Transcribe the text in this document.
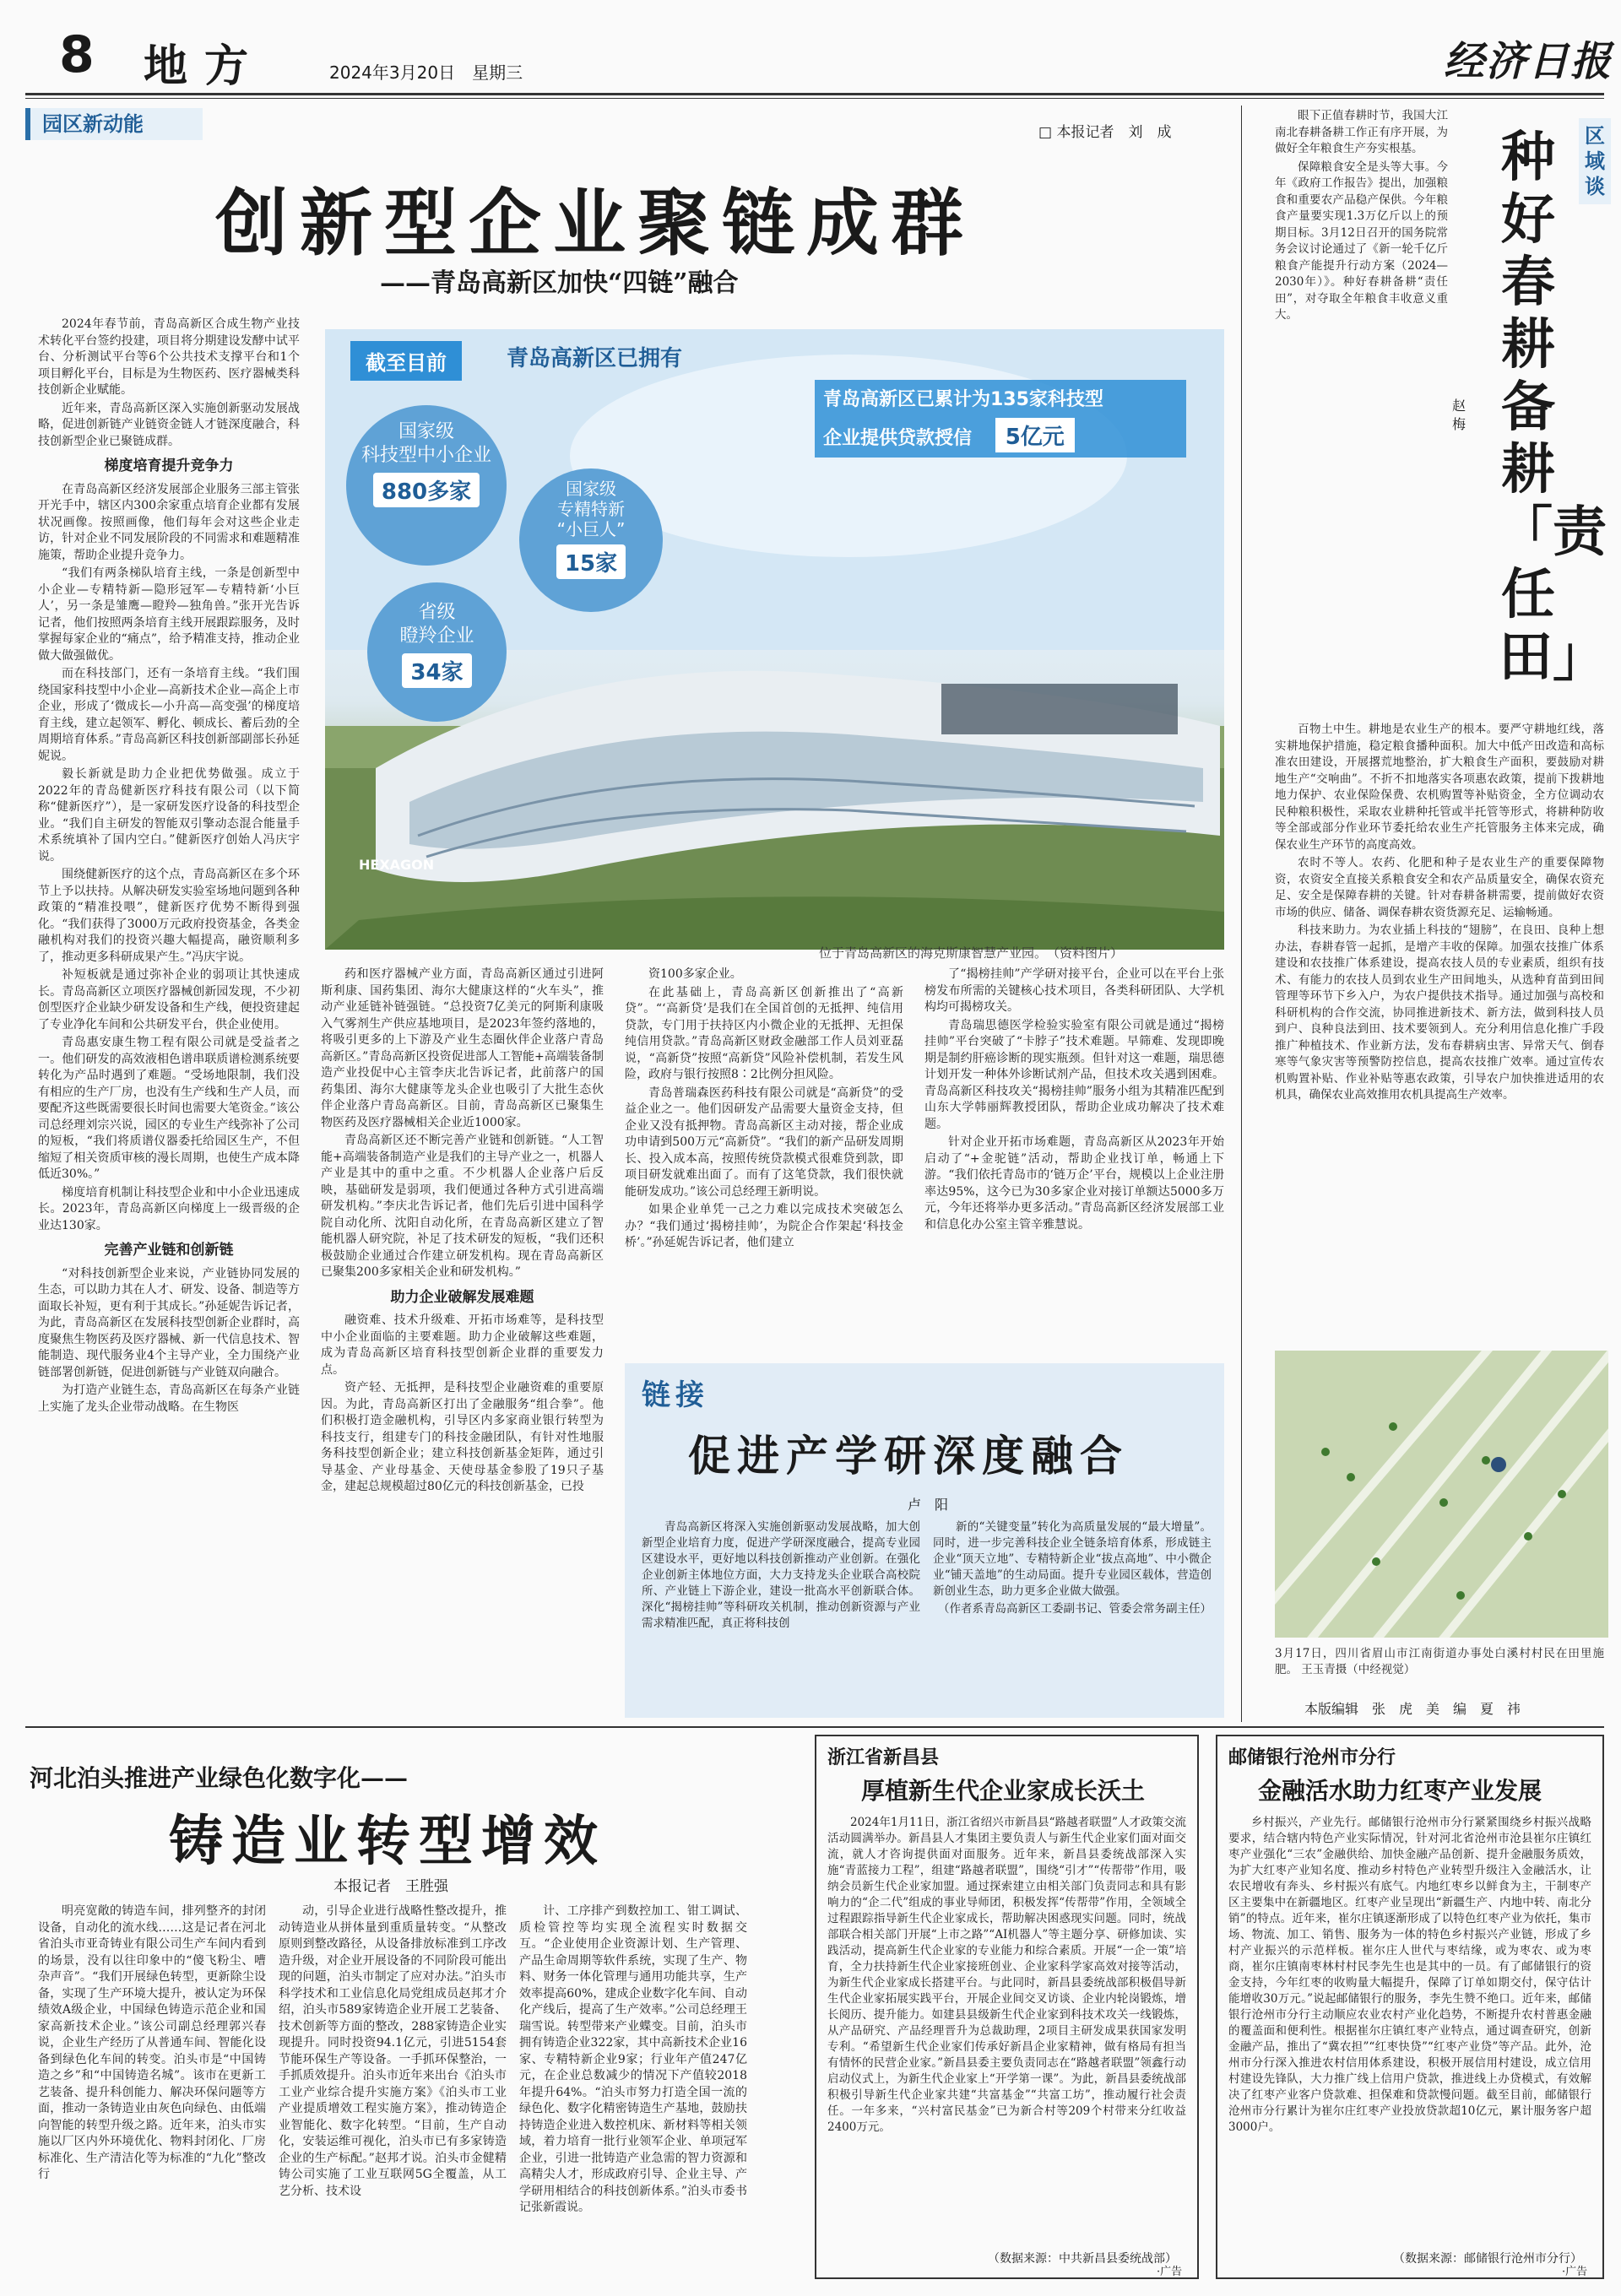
8 地方	2024年3月20日　星期三	经济日报
园区新动能	□ 本报记者　刘　成
创新型企业聚链成群
——青岛高新区加快“四链”融合

2024年春节前，青岛高新区合成生物产业技术转化平台签约投建，项目将分期建设发酵中试平台、分析测试平台等6个公共技术支撑平台和1个项目孵化平台，目标是为生物医药、医疗器械类科技创新企业赋能。

近年来，青岛高新区深入实施创新驱动发展战略，促进创新链产业链资金链人才链深度融合，科技创新型企业已聚链成群。

梯度培育提升竞争力

在青岛高新区经济发展部企业服务三部主管张开光手中，辖区内300余家重点培育企业都有发展状况画像。按照画像，他们每年会对这些企业走访，针对企业不同发展阶段的不同需求和难题精准施策，帮助企业提升竞争力。

“我们有两条梯队培育主线，一条是创新型中小企业—专精特新—隐形冠军—专精特新‘小巨人’，另一条是雏鹰—瞪羚—独角兽。”张开光告诉记者，他们按照两条培育主线开展跟踪服务，及时掌握每家企业的“痛点”，给予精准支持，推动企业做大做强做优。

而在科技部门，还有一条培育主线。“我们围绕国家科技型中小企业—高新技术企业—高企上市企业，形成了‘微成长—小升高—高变强’的梯度培育主线，建立起领军、孵化、顿成长、蓄后劲的全周期培育体系。”青岛高新区科技创新部副部长孙延妮说。

毅长新就是助力企业把优势做强。成立于2022年的青岛健新医疗科技有限公司（以下简称“健新医疗”），是一家研发医疗设备的科技型企业。“我们自主研发的智能双引擎动态混合能量手术系统填补了国内空白。”健新医疗创始人冯庆宇说。

围绕健新医疗的这个点，青岛高新区在多个环节上予以扶持。从解决研发实验室场地问题到各种政策的“精准投喂”，健新医疗优势不断得到强化。“我们获得了3000万元政府投资基金，各类金融机构对我们的投资兴趣大幅提高，融资顺利多了，推动更多科研成果产生。”冯庆宇说。

补短板就是通过弥补企业的弱项让其快速成长。青岛高新区立项医疗器械创新园发现，不少初创型医疗企业缺少研发设备和生产线，便投资建起了专业净化车间和公共研发平台，供企业使用。

青岛惠安康生物工程有限公司就是受益者之一。他们研发的高效液相色谱串联质谱检测系统要转化为产品时遇到了难题。“受场地限制，我们没有相应的生产厂房，也没有生产线和生产人员，而要配齐这些既需要很长时间也需要大笔资金。”该公司总经理刘宗兴说，园区的专业生产线弥补了公司的短板，“我们将质谱仪器委托给园区生产，不但缩短了相关资质审核的漫长周期，也使生产成本降低近30%。”

梯度培育机制让科技型企业和中小企业迅速成长。2023年，青岛高新区向梯度上一级晋级的企业达130家。

完善产业链和创新链

“对科技创新型企业来说，产业链协同发展的生态，可以助力其在人才、研发、设备、制造等方面取长补短，更有利于其成长。”孙延妮告诉记者，为此，青岛高新区在发展科技型创新企业群时，高度聚焦生物医药及医疗器械、新一代信息技术、智能制造、现代服务业4个主导产业，全力围绕产业链部署创新链，促进创新链与产业链双向融合。

为打造产业链生态，青岛高新区在每条产业链上实施了龙头企业带动战略。在生物医

截至目前	青岛高新区已拥有
国家级
科技型中小企业
880多家	国家级
专精特新
“小巨人”
15家
省级
瞪羚企业
34家
青岛高新区已累计为135家科技型
企业提供贷款授信 5亿元
HEXAGON
位于青岛高新区的海克斯康智慧产业园。　（资料图片）

药和医疗器械产业方面，青岛高新区通过引进阿斯利康、国药集团、海尔大健康这样的“火车头”，推动产业延链补链强链。“总投资7亿美元的阿斯利康吸入气雾剂生产供应基地项目，是2023年签约落地的，将吸引更多的上下游及产业生态圈伙伴企业落户青岛高新区。”青岛高新区投资促进部人工智能+高端装备制造产业投促中心主管李庆北告诉记者，此前落户的国药集团、海尔大健康等龙头企业也吸引了大批生态伙伴企业落户青岛高新区。目前，青岛高新区已聚集生物医药及医疗器械相关企业近1000家。

青岛高新区还不断完善产业链和创新链。“人工智能+高端装备制造产业是我们的主导产业之一，机器人产业是其中的重中之重。不少机器人企业落户后反映，基础研发是弱项，我们便通过各种方式引进高端研发机构。”李庆北告诉记者，他们先后引进中国科学院自动化所、沈阳自动化所，在青岛高新区建立了智能机器人研究院，补足了技术研发的短板，“我们还积极鼓励企业通过合作建立研发机构。现在青岛高新区已聚集200多家相关企业和研发机构。”

助力企业破解发展难题

融资难、技术升级难、开拓市场难等，是科技型中小企业面临的主要难题。助力企业破解这些难题，成为青岛高新区培育科技型创新企业群的重要发力点。

资产轻、无抵押，是科技型企业融资难的重要原因。为此，青岛高新区打出了金融服务“组合拳”。他们积极打造金融机构，引导区内多家商业银行转型为科技支行，组建专门的科技金融团队，有针对性地服务科技型创新企业；建立科技创新基金矩阵，通过引导基金、产业母基金、天使母基金参股了19只子基金，建起总规模超过80亿元的科技创新基金，已投

资100多家企业。

在此基础上，青岛高新区创新推出了“高新贷”。“‘高新贷’是我们在全国首创的无抵押、纯信用贷款，专门用于扶持区内小微企业的无抵押、无担保纯信用贷款。”青岛高新区财政金融部工作人员刘亚磊说，“高新贷”按照“高新贷”风险补偿机制，若发生风险，政府与银行按照8∶2比例分担风险。

青岛普瑞森医药科技有限公司就是“高新贷”的受益企业之一。他们因研发产品需要大量资金支持，但企业又没有抵押物。青岛高新区主动对接，帮企业成功申请到500万元“高新贷”。“我们的新产品研发周期长、投入成本高，按照传统贷款模式很难贷到款，即项目研发就难出面了。而有了这笔贷款，我们很快就能研发成功。”该公司总经理王新明说。

如果企业单凭一己之力难以完成技术突破怎么办？“我们通过‘揭榜挂帅’，为院企合作架起‘科技金桥’。”孙延妮告诉记者，他们建立

了“揭榜挂帅”产学研对接平台，企业可以在平台上张榜发布所需的关键核心技术项目，各类科研团队、大学机构均可揭榜攻关。

青岛瑞思德医学检验实验室有限公司就是通过“揭榜挂帅”平台突破了“卡脖子”技术难题。早筛难、发现即晚期是制约肝癌诊断的现实瓶颈。但针对这一难题，瑞思德计划开发一种体外诊断试剂产品，但技术攻关遇到困难。青岛高新区科技攻关“揭榜挂帅”服务小组为其精准匹配到山东大学韩丽辉教授团队，帮助企业成功解决了技术难题。

针对企业开拓市场难题，青岛高新区从2023年开始启动了“+金驼链”活动，帮助企业找订单，畅通上下游。“我们依托青岛市的‘链万企’平台，规模以上企业注册率达95%，这今已为30多家企业对接订单额达5000多万元，今年还将举办更多活动。”青岛高新区经济发展部工业和信息化办公室主管辛雅慧说。

链接
促进产学研深度融合
卢　阳

青岛高新区将深入实施创新驱动发展战略，加大创新型企业培育力度，促进产学研深度融合，提高专业园区建设水平，更好地以科技创新推动产业创新。在强化企业创新主体地位方面，大力支持龙头企业联合高校院所、产业链上下游企业，建设一批高水平创新联合体。深化“揭榜挂帅”等科研攻关机制，推动创新资源与产业需求精准匹配，真正将科技创

新的“关键变量”转化为高质量发展的“最大增量”。同时，进一步完善科技企业全链条培育体系，形成链主企业“顶天立地”、专精特新企业“拔点高地”、中小微企业“铺天盖地”的生动局面。提升专业园区载体，营造创新创业生态，助力更多企业做大做强。

（作者系青岛高新区工委副书记、管委会常务副主任）

区域谈
种好春耕备耕「责任田」
赵　梅

眼下正值春耕时节，我国大江南北春耕备耕工作正有序开展，为做好全年粮食生产夯实根基。

保障粮食安全是头等大事。今年《政府工作报告》提出，加强粮食和重要农产品稳产保供。今年粮食产量要实现1.3万亿斤以上的预期目标。3月12日召开的国务院常务会议讨论通过了《新一轮千亿斤粮食产能提升行动方案（2024—2030年）》。种好春耕备耕“责任田”，对夺取全年粮食丰收意义重大。

百物土中生。耕地是农业生产的根本。要严守耕地红线，落实耕地保护措施，稳定粮食播种面积。加大中低产田改造和高标准农田建设，开展撂荒地整治，扩大粮食生产面积，要鼓励对耕地生产“交响曲”。不折不扣地落实各项惠农政策，提前下拨耕地地力保护、农业保险保费、农机购置等补贴资金，全方位调动农民种粮积极性，采取农业耕种托管或半托管等形式，将耕种防收等全部或部分作业环节委托给农业生产托管服务主体来完成，确保农业生产环节的高度高效。

农时不等人。农药、化肥和种子是农业生产的重要保障物资，农资安全直接关系粮食安全和农产品质量安全，确保农资充足、安全是保障春耕的关键。针对春耕备耕需要，提前做好农资市场的供应、储备、调保春耕农资货源充足、运输畅通。

科技来助力。为农业插上科技的“翅膀”，在良田、良种上想办法，春耕春管一起抓，是增产丰收的保障。加强农技推广体系建设和农技推广体系建设，提高农技人员的专业素质，组织有技术、有能力的农技人员到农业生产田间地头，从选种育苗到田间管理等环节下乡入户，为农户提供技术指导。通过加强与高校和科研机构的合作交流，协同推进新技术、新方法，做到科技人员到户、良种良法到田、技术要领到人。充分利用信息化推广手段推广种植技术、作业新方法，发布春耕病虫害、异常天气、倒春寒等气象灾害等预警防控信息，提高农技推广效率。通过宣传农机购置补贴、作业补贴等惠农政策，引导农户加快推进适用的农机具，确保农业高效推用农机具提高生产效率。

3月17日，四川省眉山市江南街道办事处白溪村村民在田里施肥。 王玉青摄（中经视觉）
本版编辑　张　虎　美　编　夏　祎
河北泊头推进产业绿色化数字化——
铸造业转型增效
本报记者　王胜强

明亮宽敞的铸造车间，排列整齐的封闭设备，自动化的流水线……这是记者在河北省泊头市亚奇铸业有限公司生产车间内看到的场景，没有以往印象中的“傻飞粉尘、嘈杂声音”。“我们开展绿色转型，更新除尘设备，实现了生产环境大提升，被认定为环保绩效A级企业，中国绿色铸造示范企业和国家高新技术企业。”该公司副总经理郭兴春说，企业生产经历了从普通车间、智能化设备到绿色化车间的转变。泊头市是“中国铸造之乡”和“中国铸造名城”。该市在更新工艺装备、提升科创能力、解决环保问题等方面，推动一条铸造业由灰色向绿色、由低端向智能的转型升级之路。近年来，泊头市实施以厂区内外环境优化、物料封闭化、厂房标准化、生产清洁化等为标准的“九化”整改行

动，引导企业进行战略性整改提升，推动铸造业从拼体量到重质量转变。“从整改原则到整改路径，从设备排放标准到工序改造升级，对企业开展设备的不同阶段可能出现的问题，泊头市制定了应对办法。”泊头市科学技术和工业信息化局党组成员赵邦才介绍，泊头市589家铸造企业开展工艺装备、技术创新等方面的整改，288家铸造企业实现提升。同时投资94.1亿元，引进5154套节能环保生产等设备。一手抓环保整治，一手抓质效提升。泊头市近年来出台《泊头市工业产业综合提升实施方案》《泊头市工业产业提质增效工程实施方案》，推动铸造企业智能化、数字化转型。“目前，生产自动化，安装运维可视化，泊头市已有多家铸造企业的生产标配。”赵邦才说。泊头市金健精铸公司实施了工业互联网5G全覆盖，从工艺分析、技术设

计、工序排产到数控加工、钳工调试、质检管控等均实现全流程实时数据交互。“企业使用企业资源计划、生产管理、产品生命周期等软件系统，实现了生产、物料、财务一体化管理与通用功能共享，生产效率提高60%，建成企业数字化车间、自动化产线后，提高了生产效率。”公司总经理王瑞雪说。转型带来产业蝶变。目前，泊头市拥有铸造企业322家，其中高新技术企业16家、专精特新企业9家；行业年产值247亿元，在企业总数减少的情况下产值较2018年提升64%。“泊头市努力打造全国一流的绿色化、数字化精密铸造生产基地，鼓励扶持铸造企业进入数控机床、新材料等相关领域，着力培育一批行业领军企业、单项冠军企业，引进一批铸造产业急需的智力资源和高精尖人才，形成政府引导、企业主导、产学研用相结合的科技创新体系。”泊头市委书记张新霞说。

浙江省新昌县
厚植新生代企业家成长沃土

2024年1月11日，浙江省绍兴市新昌县“路越者联盟”人才政策交流活动圆满举办。新昌县人才集团主要负责人与新生代企业家们面对面交流，就人才咨询提供面对面服务。近年来，新昌县委统战部深入实施“青蓝接力工程”，组建“路越者联盟”，围绕“引才”“传帮带”作用，吸纳会员新生代企业家加盟。通过探索建立由相关部门负责同志和具有影响力的“企二代”组成的事业导师团，积极发挥“传帮带”作用，全领域全过程跟踪指导新生代企业家成长，帮助解决困惑现实问题。同时，统战部联合相关部门开展“上市之路”“AI机器人”等主题分享、研修加读、实践活动，提高新生代企业家的专业能力和综合素质。开展“一企一策”培育，全力扶持新生代企业家接班创业、企业家科学家高效对接等活动，为新生代企业家成长搭建平台。与此同时，新昌县委统战部积极倡导新生代企业家拓展实践平台，开展企业间交叉访谈、企业内轮岗锻炼，增长阅历、提升能力。如建县县级新生代企业家到科技术攻关一线锻炼，从产品研究、产品经理晋升为总裁助理，2项目主研发成果获国家发明专利。“希望新生代企业家们传承好新昌企业家精神，做有格局有担当有情怀的民营企业家。”新昌县委主要负责同志在“路越者联盟”领鑫行动启动仪式上，为新生代企业家上“开学第一课”。为此，新昌县委统战部积极引导新生代企业家共建“共富基金”“共富工坊”，推动履行社会责任。一年多来，“兴村富民基金”已为新合村等209个村带来分红收益2400万元。

（数据来源：中共新昌县委统战部）
·广告
邮储银行沧州市分行
金融活水助力红枣产业发展

乡村振兴，产业先行。邮储银行沧州市分行紧紧围绕乡村振兴战略要求，结合辖内特色产业实际情况，针对河北省沧州市沧县崔尔庄镇红枣产业强化“三农”金融供给、加快金融产品创新、提升金融服务质效，为扩大红枣产业知名度、推动乡村特色产业转型升级注入金融活水，让农民增收有奔头、乡村振兴有底气。内地红枣乡以鲜食为主，干制枣产区主要集中在新疆地区。红枣产业呈现出“新疆生产、内地中转、南北分销”的特点。近年来，崔尔庄镇逐渐形成了以特色红枣产业为依托，集市场、物流、加工、销售、服务为一体的特色乡村振兴产业链，形成了乡村产业振兴的示范样板。崔尔庄人世代与枣结缘，或为枣农、或为枣商，崔尔庄镇南枣林村村民李先生也是其中的一员。有了邮储银行的资金支持，今年红枣的收购量大幅提升，保障了订单如期交付，保守估计能增收30万元。”说起邮储银行的服务，李先生赞不绝口。近年来，邮储银行沧州市分行主动顺应农业农村产业化趋势，不断提升农村普惠金融的覆盖面和便利性。根据崔尔庄镇红枣产业特点，通过调查研究，创新金融产品，推出了“冀农担”“红枣快贷”“红枣产业贷”等产品。此外，沧州市分行深入推进农村信用体系建设，积极开展信用村建设，成立信用村建设先锋队，大力推广线上信用户贷款，推进线上办贷模式，有效解决了红枣产业客户贷款难、担保难和贷款慢问题。截至目前，邮储银行沧州市分行累计为崔尔庄红枣产业投放贷款超10亿元，累计服务客户超3000户。

（数据来源：邮储银行沧州市分行）
·广告
